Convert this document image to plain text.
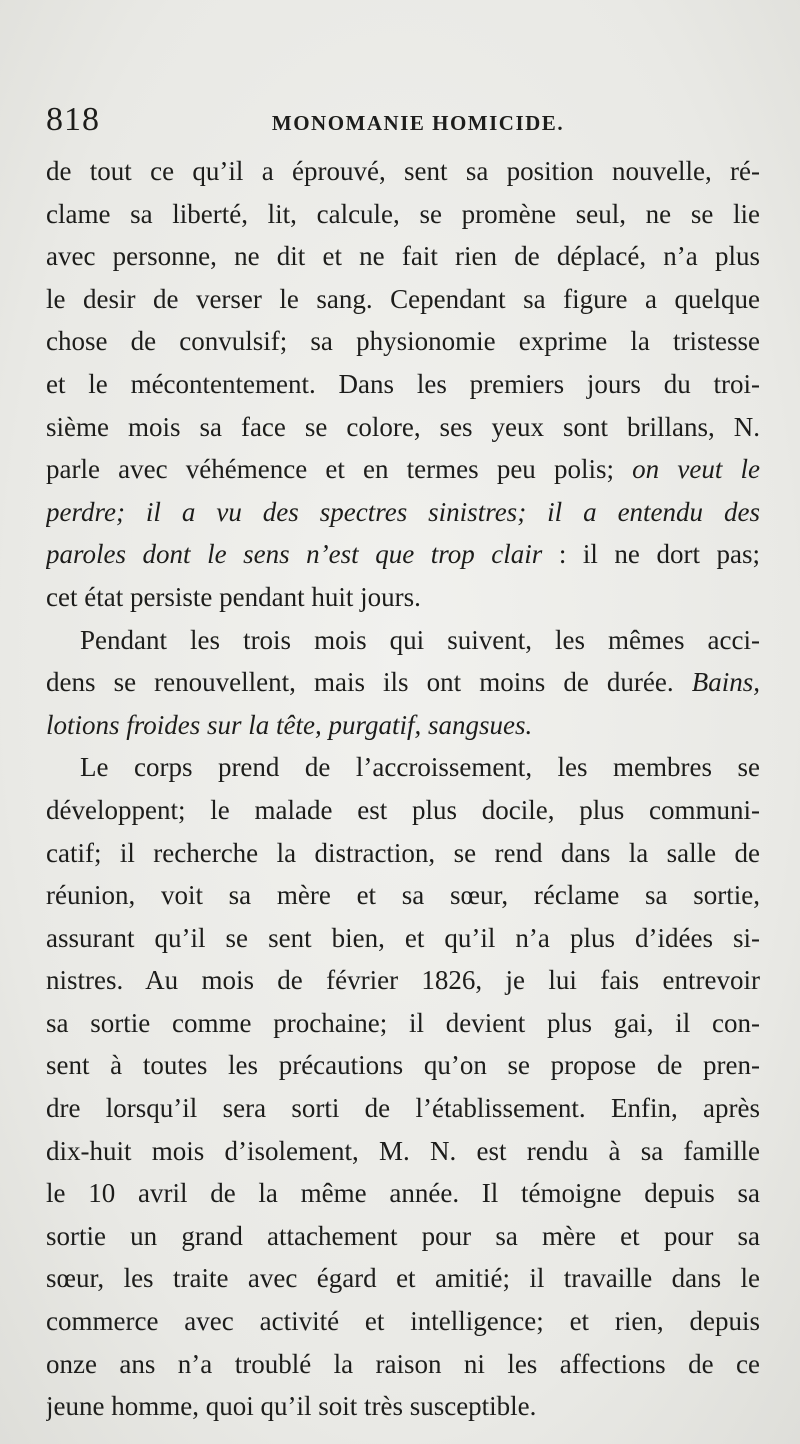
818	MONOMANIE HOMICIDE.
de tout ce qu’il a éprouvé, sent sa position nouvelle, ré-
clame sa liberté, lit, calcule, se promène seul, ne se lie
avec personne, ne dit et ne fait rien de déplacé, n’a plus
le desir de verser le sang. Cependant sa figure a quelque
chose de convulsif; sa physionomie exprime la tristesse
et le mécontentement. Dans les premiers jours du troi-
sième mois sa face se colore, ses yeux sont brillans, N.
parle avec véhémence et en termes peu polis; on veut le
perdre; il a vu des spectres sinistres; il a entendu des
paroles dont le sens n’est que trop clair : il ne dort pas;
cet état persiste pendant huit jours.
Pendant les trois mois qui suivent, les mêmes acci-
dens se renouvellent, mais ils ont moins de durée. Bains,
lotions froides sur la tête, purgatif, sangsues.
Le corps prend de l’accroissement, les membres se
développent; le malade est plus docile, plus communi-
catif; il recherche la distraction, se rend dans la salle de
réunion, voit sa mère et sa sœur, réclame sa sortie,
assurant qu’il se sent bien, et qu’il n’a plus d’idées si-
nistres. Au mois de février 1826, je lui fais entrevoir
sa sortie comme prochaine; il devient plus gai, il con-
sent à toutes les précautions qu’on se propose de pren-
dre lorsqu’il sera sorti de l’établissement. Enfin, après
dix-huit mois d’isolement, M. N. est rendu à sa famille
le 10 avril de la même année. Il témoigne depuis sa
sortie un grand attachement pour sa mère et pour sa
sœur, les traite avec égard et amitié; il travaille dans le
commerce avec activité et intelligence; et rien, depuis
onze ans n’a troublé la raison ni les affections de ce
jeune homme, quoi qu’il soit très susceptible.
